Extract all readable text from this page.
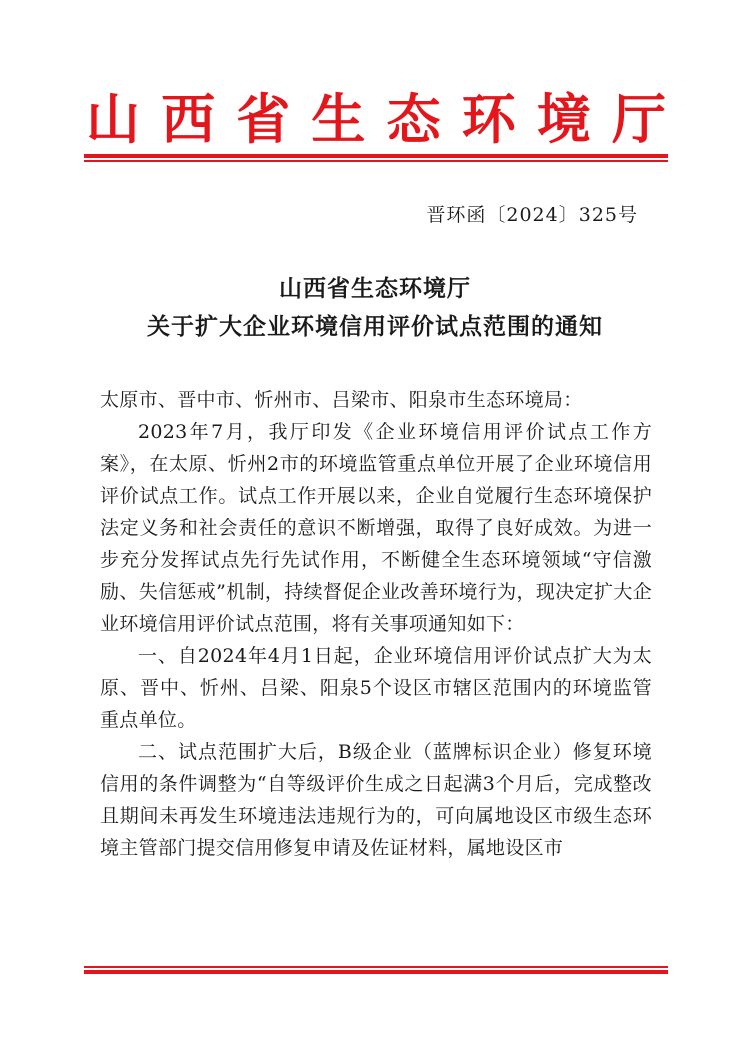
山西省生态环境厅
晋环函〔2024〕325号
山西省生态环境厅
关于扩大企业环境信用评价试点范围的通知

太原市、晋中市、忻州市、吕梁市、阳泉市生态环境局：

2023年7月，我厅印发《企业环境信用评价试点工作方案》，在太原、忻州2市的环境监管重点单位开展了企业环境信用评价试点工作。试点工作开展以来，企业自觉履行生态环境保护法定义务和社会责任的意识不断增强，取得了良好成效。为进一步充分发挥试点先行先试作用，不断健全生态环境领域“守信激励、失信惩戒”机制，持续督促企业改善环境行为，现决定扩大企业环境信用评价试点范围，将有关事项通知如下：

一、自2024年4月1日起，企业环境信用评价试点扩大为太原、晋中、忻州、吕梁、阳泉5个设区市辖区范围内的环境监管重点单位。

二、试点范围扩大后，B级企业（蓝牌标识企业）修复环境信用的条件调整为“自等级评价生成之日起满3个月后，完成整改且期间未再发生环境违法违规行为的，可向属地设区市级生态环境主管部门提交信用修复申请及佐证材料，属地设区市
